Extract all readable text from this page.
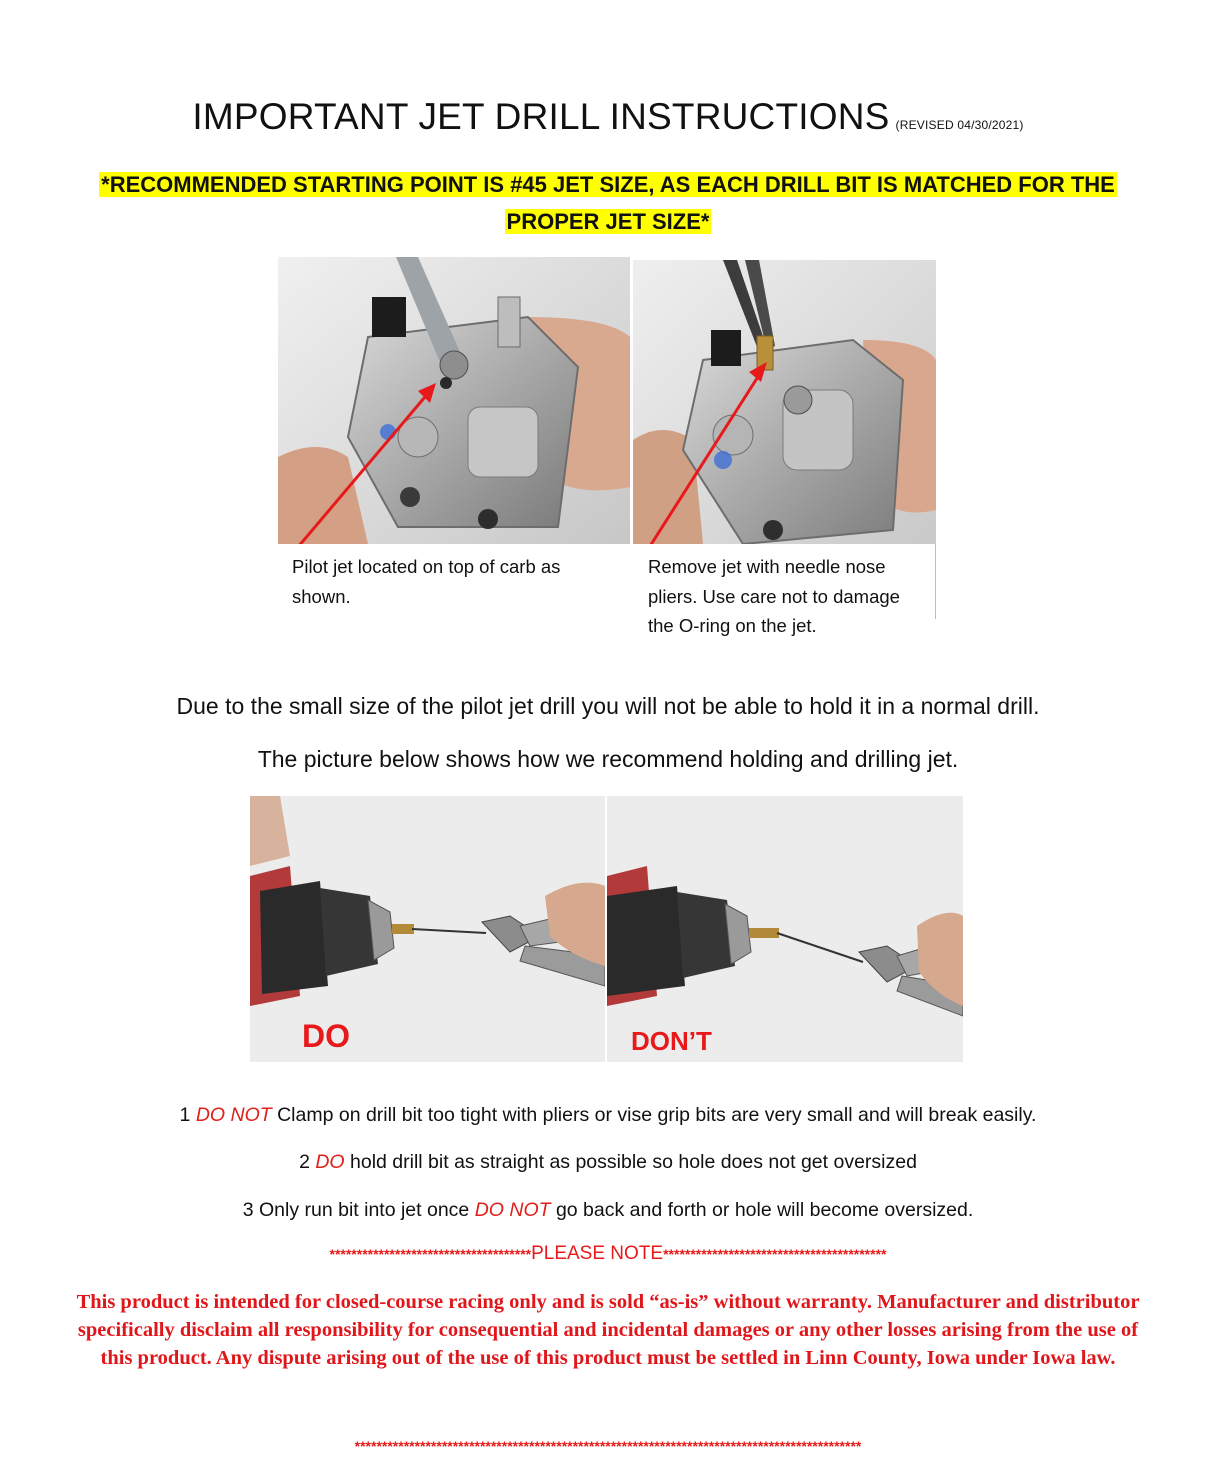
IMPORTANT JET DRILL INSTRUCTIONS (REVISED 04/30/2021)
*RECOMMENDED STARTING POINT IS #45 JET SIZE, AS EACH DRILL BIT IS MATCHED FOR THE
PROPER JET SIZE*
Pilot jet located on top of carb as
shown.
Remove jet with needle nose
pliers. Use care not to damage
the O-ring on the jet.
Due to the small size of the pilot jet drill you will not be able to hold it in a normal drill.
The picture below shows how we recommend holding and drilling jet.
DO	DON’T
1 DO NOT Clamp on drill bit too tight with pliers or vise grip bits are very small and will break easily.
2 DO hold drill bit as straight as possible so hole does not get oversized
3 Only run bit into jet once DO NOT go back and forth or hole will become oversized.
*************************************PLEASE NOTE*****************************************
This product is intended for closed-course racing only and is sold “as-is” without warranty. Manufacturer and distributor specifically disclaim all responsibility for consequential and incidental damages or any other losses arising from the use of this product. Any dispute arising out of the use of this product must be settled in Linn County, Iowa under Iowa law.
*********************************************************************************************
